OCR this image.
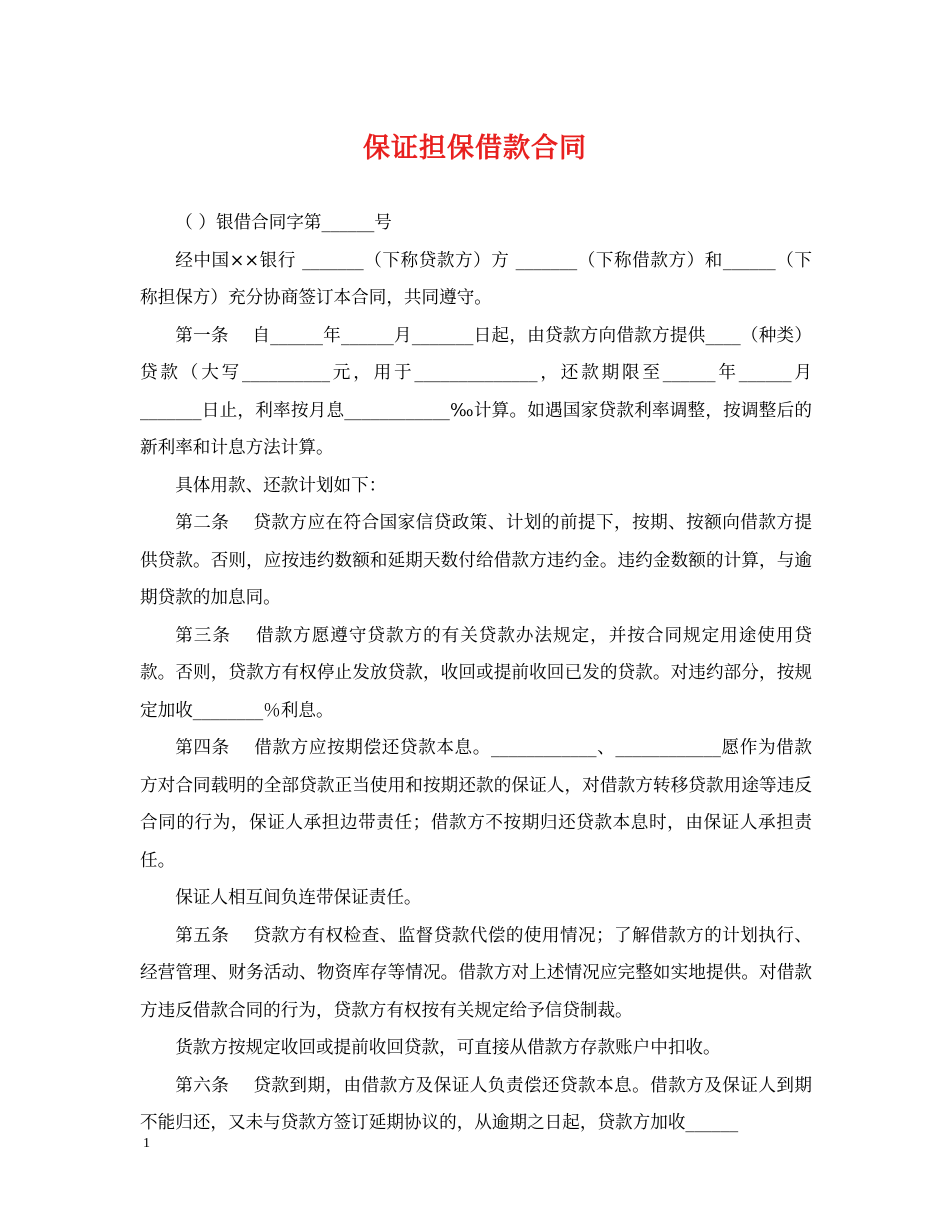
保证担保借款合同

（ ）银借合同字第______号

经中国××银行 _______（下称贷款方）方 _______（下称借款方）和______（下称担保方）充分协商签订本合同，共同遵守。

第一条　 自______年______月_______日起，由贷款方向借款方提供____（种类）贷款（大写__________元，用于______________，还款期限至______年______月_______日止，利率按月息____________‰计算。如遇国家贷款利率调整，按调整后的新利率和计息方法计算。

具体用款、还款计划如下：

第二条　 贷款方应在符合国家信贷政策、计划的前提下，按期、按额向借款方提供贷款。否则，应按违约数额和延期天数付给借款方违约金。违约金数额的计算，与逾期贷款的加息同。

第三条　 借款方愿遵守贷款方的有关贷款办法规定，并按合同规定用途使用贷款。否则，贷款方有权停止发放贷款，收回或提前收回已发的贷款。对违约部分，按规定加收________％利息。

第四条　 借款方应按期偿还贷款本息。____________、____________愿作为借款方对合同载明的全部贷款正当使用和按期还款的保证人，对借款方转移贷款用途等违反合同的行为，保证人承担边带责任；借款方不按期归还贷款本息时，由保证人承担责任。

保证人相互间负连带保证责任。

第五条　 贷款方有权检查、监督贷款代偿的使用情况；了解借款方的计划执行、经营管理、财务活动、物资库存等情况。借款方对上述情况应完整如实地提供。对借款方违反借款合同的行为，贷款方有权按有关规定给予信贷制裁。

货款方按规定收回或提前收回贷款，可直接从借款方存款账户中扣收。

第六条　 贷款到期，由借款方及保证人负责偿还贷款本息。借款方及保证人到期不能归还，又未与贷款方签订延期协议的，从逾期之日起，贷款方加收______

1
